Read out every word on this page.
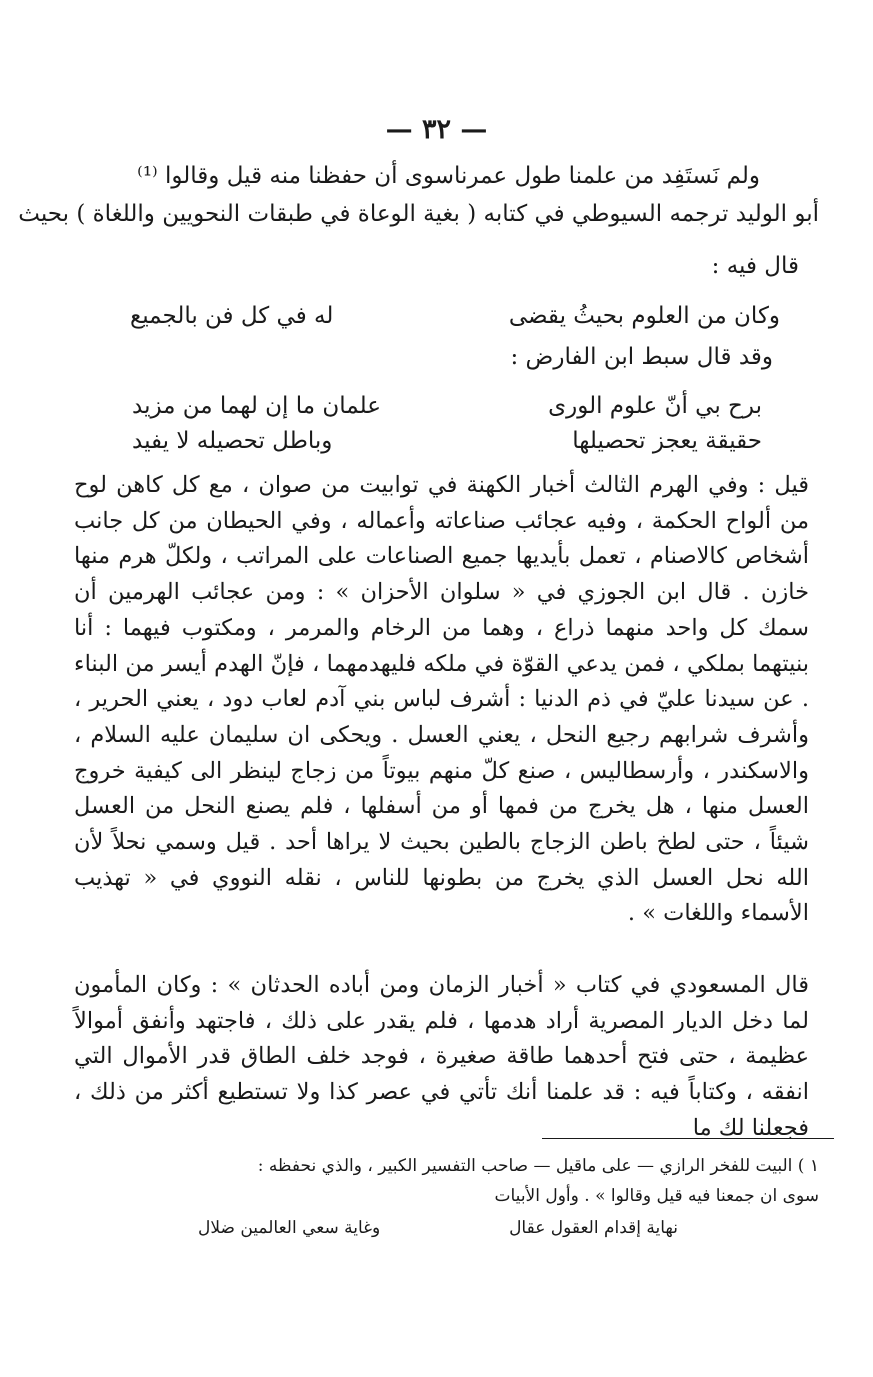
— ٣٢ —
ولم نَستَفِد من علمنا طول عمرنا
سوى أن حفظنا منه قيل وقالوا ⁽¹⁾
أبو الوليد ترجمه السيوطي في كتابه ( بغية الوعاة في طبقات النحويين واللغاة ) بحيث
قال فيه :
وكان من العلوم بحيثُ يقضى
له في كل فن بالجميع
وقد قال سبط ابن الفارض :
برح بي أنّ علوم الورى
علمان ما إن لهما من مزيد
حقيقة يعجز تحصيلها
وباطل تحصيله لا يفيد
قيل : وفي الهرم الثالث أخبار الكهنة في توابيت من صوان ، مع كل كاهن لوح من ألواح الحكمة ، وفيه عجائب صناعاته وأعماله ، وفي الحيطان من كل جانب أشخاص كالاصنام ، تعمل بأيديها جميع الصناعات على المراتب ، ولكلّ هرم منها خازن . قال ابن الجوزي في « سلوان الأحزان » : ومن عجائب الهرمين أن سمك كل واحد منهما ذراع ، وهما من الرخام والمرمر ، ومكتوب فيهما : أنا بنيتهما بملكي ، فمن يدعي القوّة في ملكه فليهدمهما ، فإنّ الهدم أيسر من البناء . عن سيدنا عليّ في ذم الدنيا : أشرف لباس بني آدم لعاب دود ، يعني الحرير ، وأشرف شرابهم رجيع النحل ، يعني العسل . ويحكى ان سليمان عليه السلام ، والاسكندر ، وأرسطاليس ، صنع كلّ منهم بيوتاً من زجاج لينظر الى كيفية خروج العسل منها ، هل يخرج من فمها أو من أسفلها ، فلم يصنع النحل من العسل شيئاً ، حتى لطخ باطن الزجاج بالطين بحيث لا يراها أحد . قيل وسمي نحلاً لأن الله نحل العسل الذي يخرج من بطونها للناس ، نقله النووي في « تهذيب الأسماء واللغات » .
قال المسعودي في كتاب « أخبار الزمان ومن أباده الحدثان » : وكان المأمون لما دخل الديار المصرية أراد هدمها ، فلم يقدر على ذلك ، فاجتهد وأنفق أموالاً عظيمة ، حتى فتح أحدهما طاقة صغيرة ، فوجد خلف الطاق قدر الأموال التي انفقه ، وكتاباً فيه : قد علمنا أنك تأتي في عصر كذا ولا تستطيع أكثر من ذلك ، فجعلنا لك ما
١ ) البيت للفخر الرازي — على ماقيل — صاحب التفسير الكبير ، والذي نحفظه :
سوى ان جمعنا فيه قيل وقالوا » . وأول الأبيات
نهاية إقدام العقول عقال
وغاية سعي العالمين ضلال
